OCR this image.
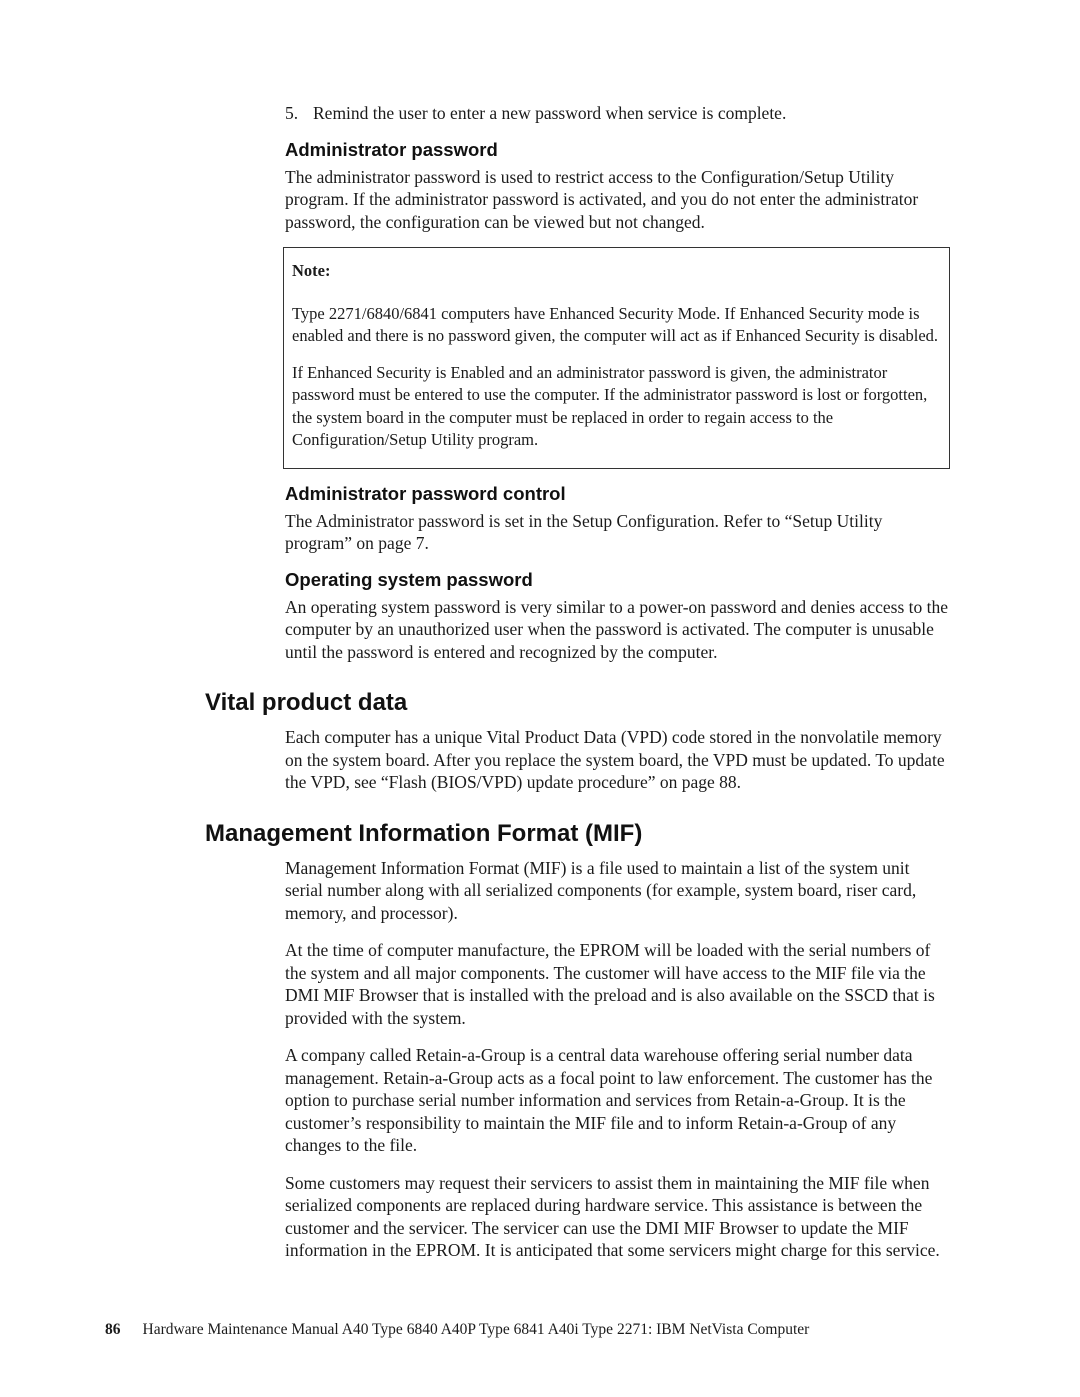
5. Remind the user to enter a new password when service is complete.
Administrator password

The administrator password is used to restrict access to the Configuration/Setup Utility program. If the administrator password is activated, and you do not enter the administrator password, the configuration can be viewed but not changed.

Note:

Type 2271/6840/6841 computers have Enhanced Security Mode. If Enhanced Security mode is enabled and there is no password given, the computer will act as if Enhanced Security is disabled.

If Enhanced Security is Enabled and an administrator password is given, the administrator password must be entered to use the computer. If the administrator password is lost or forgotten, the system board in the computer must be replaced in order to regain access to the Configuration/Setup Utility program.

Administrator password control

The Administrator password is set in the Setup Configuration. Refer to “Setup Utility program” on page 7.

Operating system password

An operating system password is very similar to a power-on password and denies access to the computer by an unauthorized user when the password is activated. The computer is unusable until the password is entered and recognized by the computer.

Vital product data

Each computer has a unique Vital Product Data (VPD) code stored in the nonvolatile memory on the system board. After you replace the system board, the VPD must be updated. To update the VPD, see “Flash (BIOS/VPD) update procedure” on page 88.

Management Information Format (MIF)

Management Information Format (MIF) is a file used to maintain a list of the system unit serial number along with all serialized components (for example, system board, riser card, memory, and processor).

At the time of computer manufacture, the EPROM will be loaded with the serial numbers of the system and all major components. The customer will have access to the MIF file via the DMI MIF Browser that is installed with the preload and is also available on the SSCD that is provided with the system.

A company called Retain-a-Group is a central data warehouse offering serial number data management. Retain-a-Group acts as a focal point to law enforcement. The customer has the option to purchase serial number information and services from Retain-a-Group. It is the customer’s responsibility to maintain the MIF file and to inform Retain-a-Group of any changes to the file.

Some customers may request their servicers to assist them in maintaining the MIF file when serialized components are replaced during hardware service. This assistance is between the customer and the servicer. The servicer can use the DMI MIF Browser to update the MIF information in the EPROM. It is anticipated that some servicers might charge for this service.

86 Hardware Maintenance Manual A40 Type 6840 A40P Type 6841 A40i Type 2271: IBM NetVista Computer
